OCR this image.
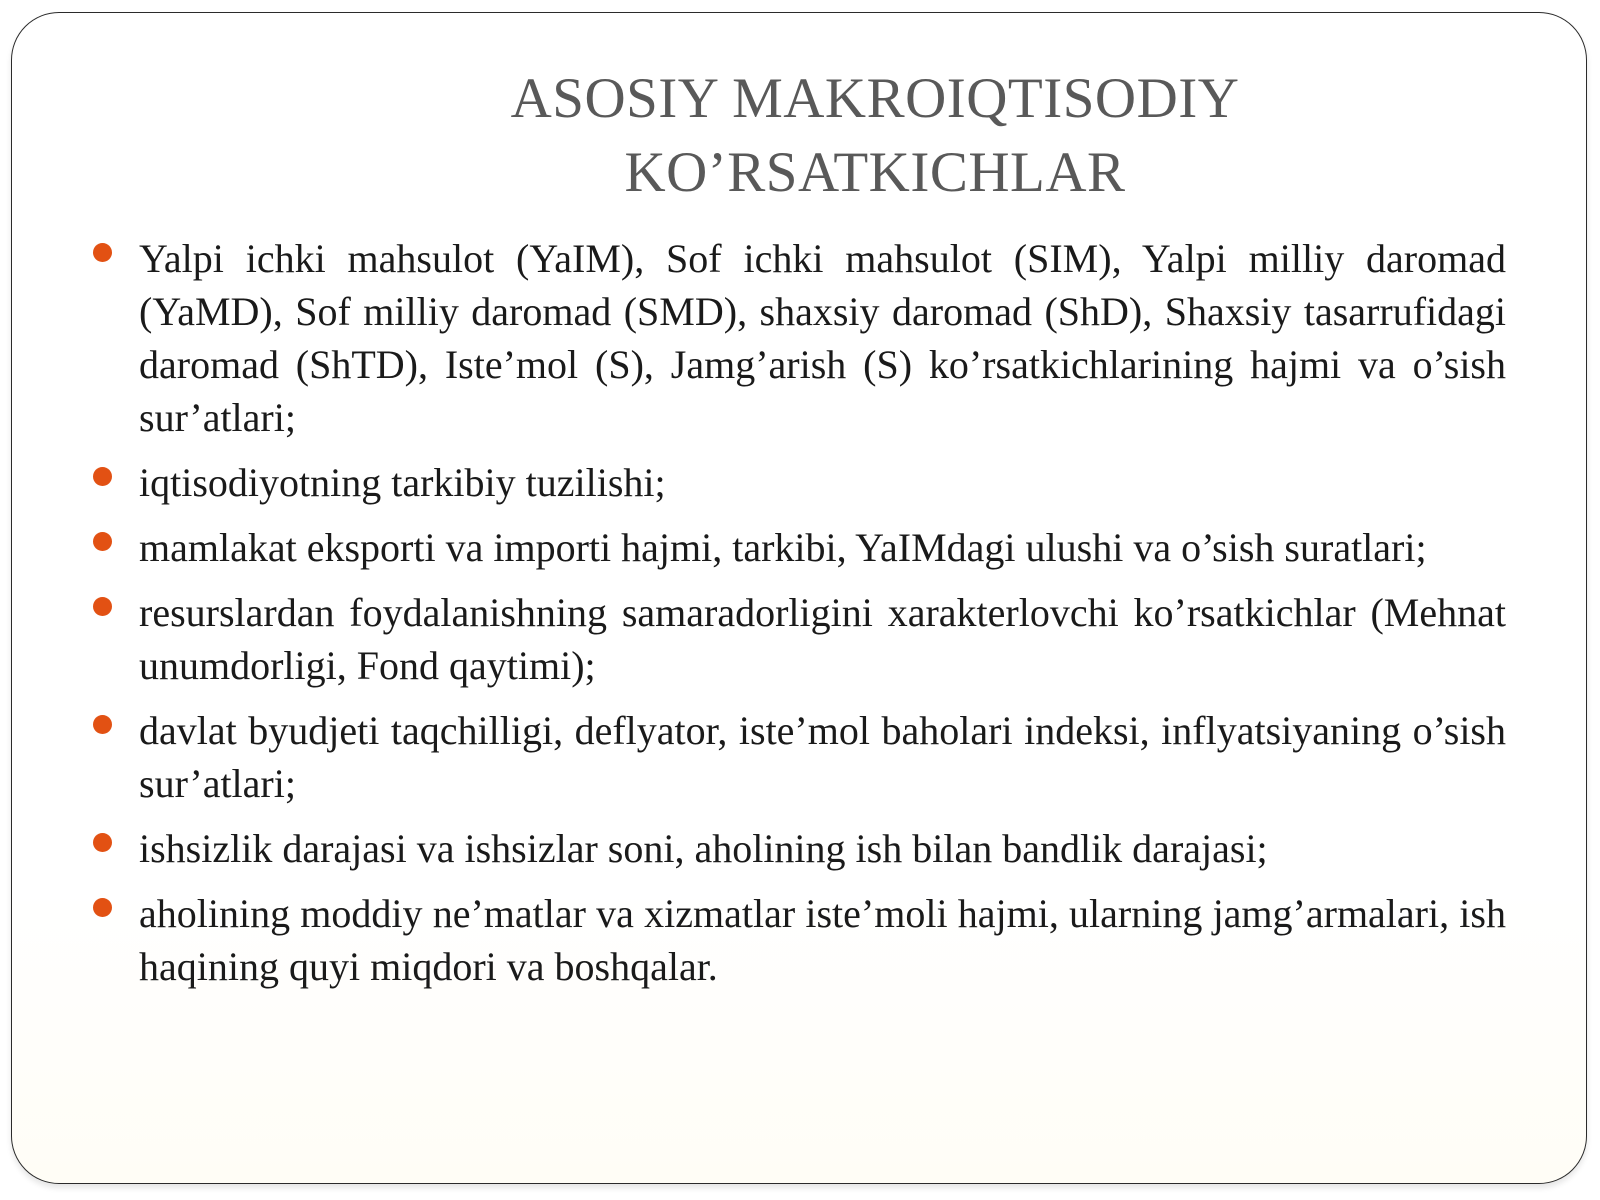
ASOSIY MAKROIQTISODIY
KO’RSATKICHLAR
Yalpi ichki mahsulot (YaIM), Sof ichki mahsulot (SIM), Yalpi milliy daromad (YaMD), Sof milliy daromad (SMD), shaxsiy daromad (ShD), Shaxsiy tasarrufidagi daromad (ShTD), Iste’mol (S), Jamg’arish (S) ko’rsatkichlarining hajmi va o’sish sur’atlari;
iqtisodiyotning tarkibiy tuzilishi;
mamlakat eksporti va importi hajmi, tarkibi, YaIMdagi ulushi va o’sish suratlari;
resurslardan foydalanishning samaradorligini xarakterlovchi ko’rsatkichlar (Mehnat unumdorligi, Fond qaytimi);
davlat byudjeti taqchilligi, deflyator, iste’mol baholari indeksi, inflyatsiyaning o’sish sur’atlari;
ishsizlik darajasi va ishsizlar soni, aholining ish bilan bandlik darajasi;
aholining moddiy ne’matlar va xizmatlar iste’moli hajmi, ularning jamg’armalari, ish haqining quyi miqdori va boshqalar.
